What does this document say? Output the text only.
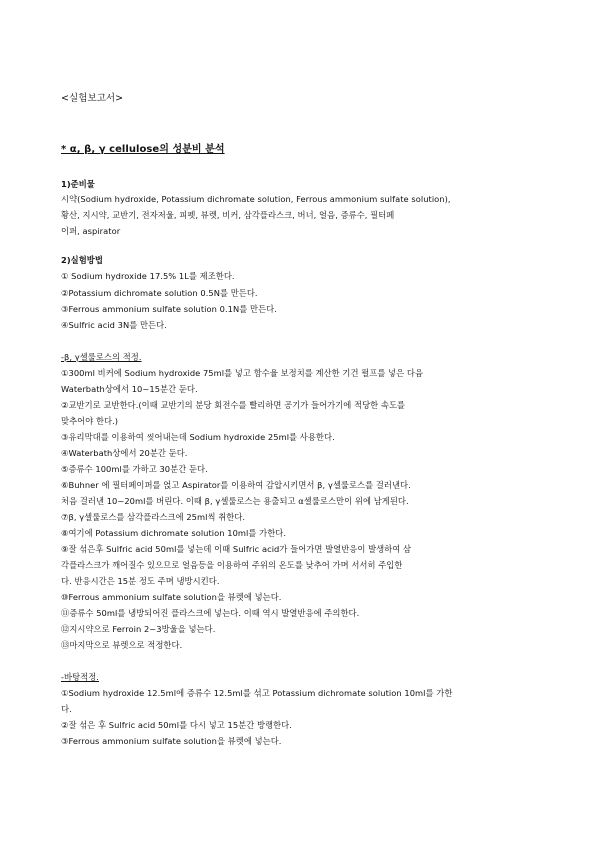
<실험보고서>
* α, β, γ cellulose의 성분비 분석
1)준비물
시약(Sodium hydroxide, Potassium dichromate solution, Ferrous ammonium sulfate solution),
황산, 지시약, 교반기, 전자저울, 피펫, 뷰렛, 비커, 삼각플라스크, 버너, 얼음, 증류수, 필터페
이퍼, aspirator
2)실험방법
① Sodium hydroxide 17.5% 1L를 제조한다.
②Potassium dichromate solution 0.5N를 만든다.
③Ferrous ammonium sulfate solution 0.1N를 만든다.
④Sulfric acid 3N를 만든다.
-β, γ셀룰로스의 적정.
①300ml 비커에 Sodium hydroxide 75ml를 넣고 함수율 보정치를 계산한 기건 펄프를 넣은 다음
Waterbath상에서 10~15분간 둔다.
②교반기로 교반한다.(이때 교반기의 분당 회전수를 빨리하면 공기가 들어가기에 적당한 속도를
맞추어야 한다.)
③유리막대를 이용하여 씻어내는데 Sodium hydroxide 25ml를 사용한다.
④Waterbath상에서 20분간 둔다.
⑤증류수 100ml를 가하고 30분간 둔다.
⑥Buhner 에 필터페이퍼를 얹고 Aspirator를 이용하여 감압시키면서 β, γ셀룰로스를 걸러낸다.
처음 걸러낸 10~20ml를 버린다. 이때 β, γ셀룰로스는 용출되고 α셀룰로스만이 위에 남게된다.
⑦β, γ셀룰로스를 삼각플라스크에 25ml씩 취한다.
⑧여기에 Potassium dichromate solution 10ml를 가한다.
⑨잘 섞은후 Sulfric acid 50ml를 넣는데 이때 Sulfric acid가 들어가면 발열반응이 발생하여 삼
각플라스크가 깨어질수 있으므로 얼음등을 이용하여 주위의 온도를 낮추어 가며 서서히 주입한
다. 반응시간은 15분 정도 주며 냉방시킨다.
⑩Ferrous ammonium sulfate solution을 뷰렛에 넣는다.
⑪증류수 50ml를 냉방되어진 플라스크에 넣는다. 이때 역시 발열반응에 주의한다.
⑫지시약으로 Ferroin 2~3방울을 넣는다.
⑬마지막으로 뷰렛으로 적정한다.
-바탕적정.
①Sodium hydroxide 12.5ml에 증류수 12.5ml를 섞고 Potassium dichromate solution 10ml를 가한
다.
②잘 섞은 후 Sulfric acid 50ml를 다시 넣고 15분간 방랭한다.
③Ferrous ammonium sulfate solution을 뷰렛에 넣는다.
